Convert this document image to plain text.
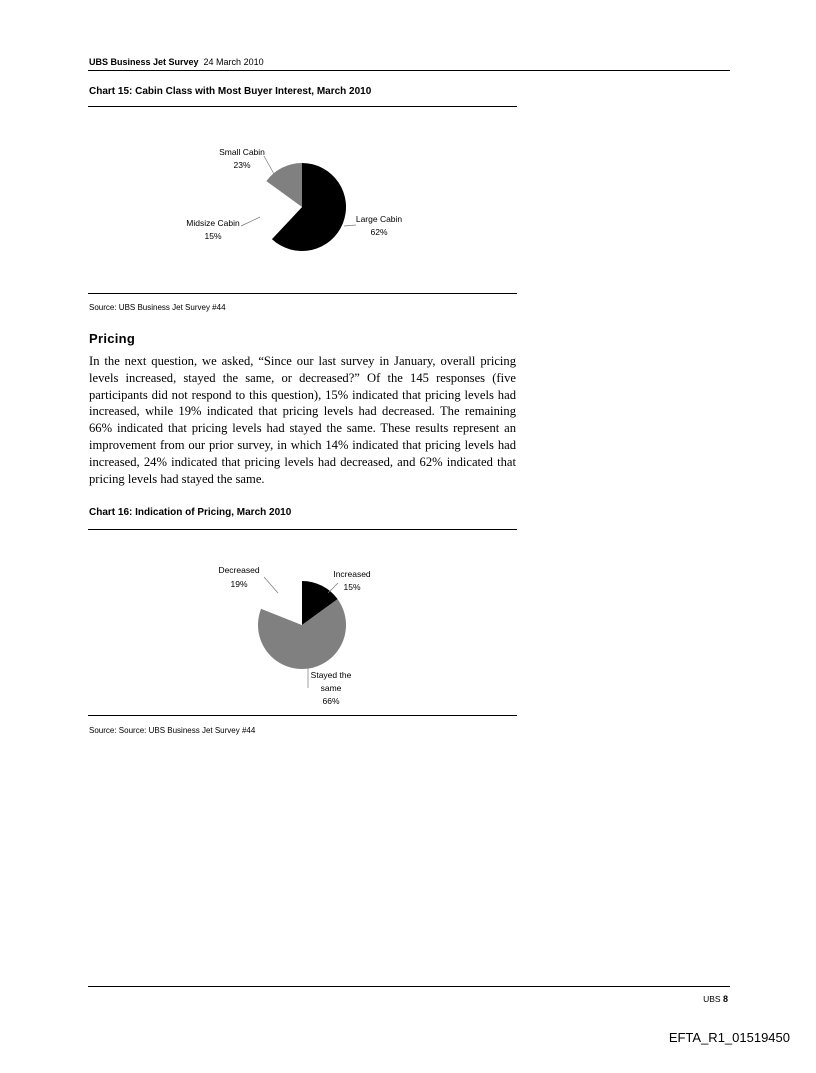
UBS Business Jet Survey 24 March 2010
Chart 15: Cabin Class with Most Buyer Interest, March 2010
Small Cabin
23%
Midsize Cabin
15%
Large Cabin
62%
Source: UBS Business Jet Survey #44
Pricing

In the next question, we asked, “Since our last survey in January, overall pricing levels increased, stayed the same, or decreased?” Of the 145 responses (five participants did not respond to this question), 15% indicated that pricing levels had increased, while 19% indicated that pricing levels had decreased. The remaining 66% indicated that pricing levels had stayed the same. These results represent an improvement from our prior survey, in which 14% indicated that pricing levels had increased, 24% indicated that pricing levels had decreased, and 62% indicated that pricing levels had stayed the same.

Chart 16: Indication of Pricing, March 2010
Decreased
19%
Increased
15%
Stayed the
same
66%
Source: Source: UBS Business Jet Survey #44
UBS 8
EFTA_R1_01519450
